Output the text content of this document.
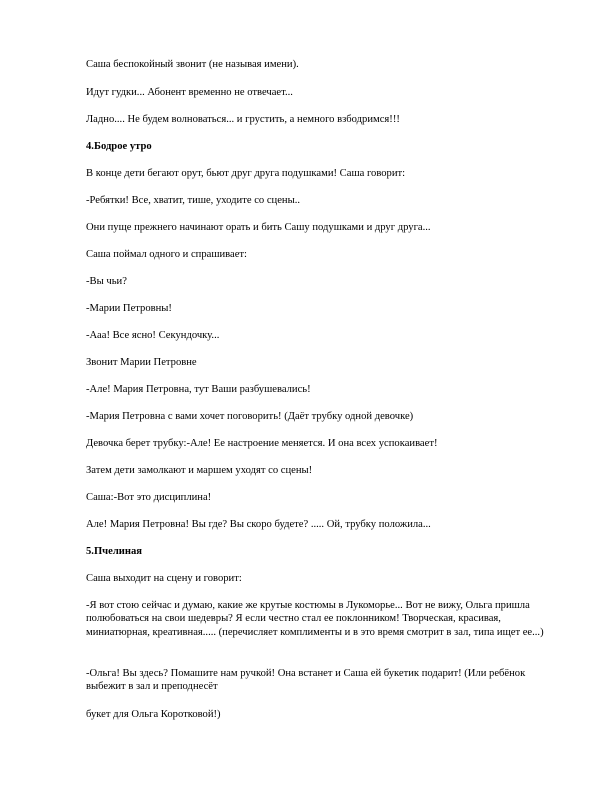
Саша беспокойный звонит (не называя имени).

Идут гудки... Абонент временно не отвечает...

Ладно.... Не будем волноваться... и грустить, а немного взбодримся!!!

4.Бодрое утро

В конце дети бегают орут, бьют друг друга подушками! Саша говорит:

-Ребятки! Все, хватит, тише, уходите со сцены..

Они пуще прежнего начинают орать и бить Сашу подушками и друг друга...

Саша поймал одного и спрашивает:

-Вы чьи?

-Марии Петровны!

-Ааа! Все ясно! Секундочку...

Звонит Марии Петровне

-Але! Мария Петровна, тут Ваши разбушевались!

-Мария Петровна с вами хочет поговорить! (Даёт трубку одной девочке)

Девочка берет трубку:-Але! Ее настроение меняется. И она всех успокаивает!

Затем дети замолкают и маршем уходят со сцены!

Саша:-Вот это дисциплина!

Але! Мария Петровна! Вы где? Вы скоро будете? ..... Ой, трубку положила...

5.Пчелиная

Саша выходит на сцену и говорит:

-Я вот стою сейчас и думаю, какие же крутые костюмы в Лукоморье... Вот не вижу, Ольга пришла полюбоваться на свои шедевры? Я если честно стал ее поклонником! Творческая, красивая, миниатюрная, креативная..... (перечисляет комплименты и в это время смотрит в зал, типа ищет ее...)

-Ольга! Вы здесь? Помашите нам ручкой! Она встанет и Саша ей букетик подарит! (Или ребёнок выбежит в зал и преподнесёт

букет для Ольга Коротковой!)
